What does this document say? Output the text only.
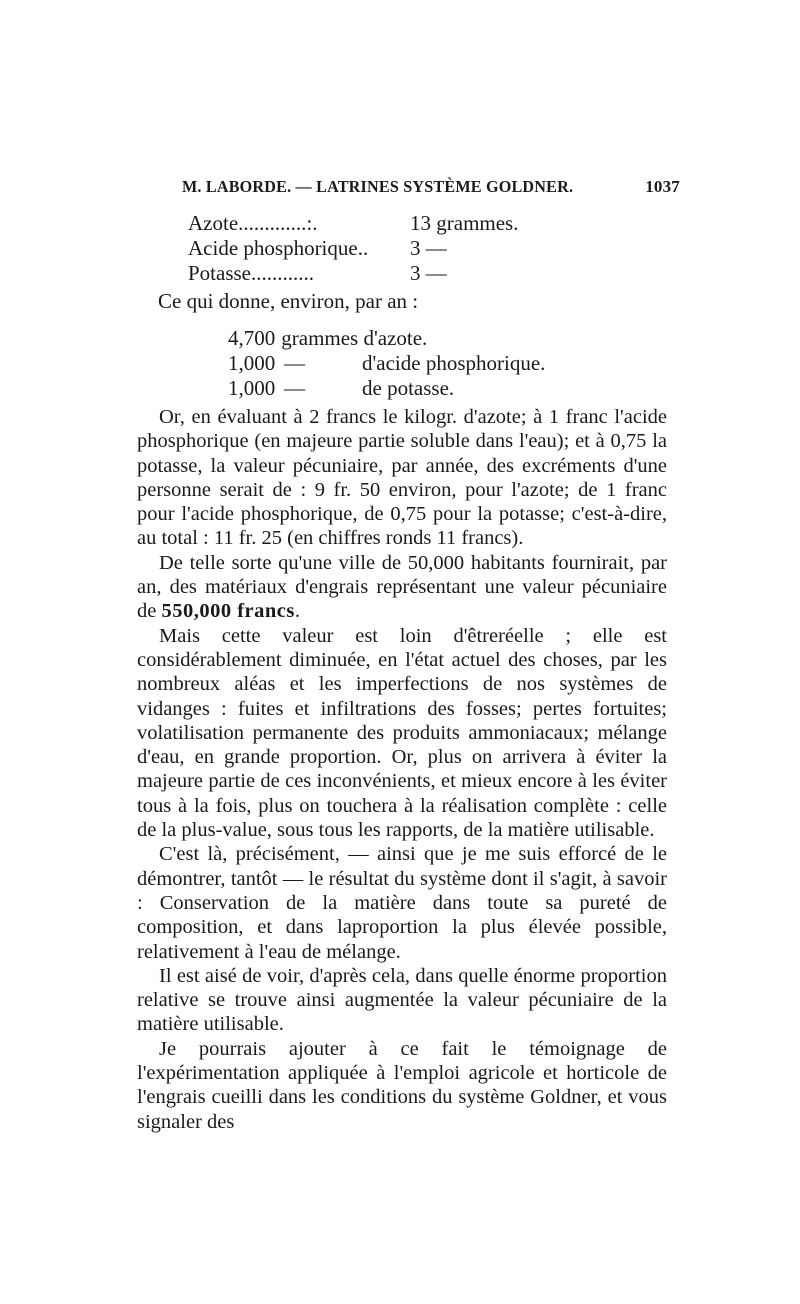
M. LABORDE. — LATRINES SYSTÈME GOLDNER.	1037
Azote.............:.	13 grammes.
Acide phosphorique.. 3 —
Potasse............	3 —
Ce qui donne, environ, par an :
4,700 grammes d'azote.
1,000 —	d'acide phosphorique.
1,000 —	de potasse.

Or, en évaluant à 2 francs le kilogr. d'azote; à 1 franc l'acide phosphorique (en majeure partie soluble dans l'eau); et à 0,75 la potasse, la valeur pécuniaire, par année, des excréments d'une personne serait de : 9 fr. 50 environ, pour l'azote; de 1 franc pour l'acide phosphorique, de 0,75 pour la potasse; c'est-à-dire, au total : 11 fr. 25 (en chiffres ronds 11 francs).

De telle sorte qu'une ville de 50,000 habitants fournirait, par an, des matériaux d'engrais représentant une valeur pécuniaire de 550,000 francs.

Mais cette valeur est loin d'êtreréelle ; elle est considérablement diminuée, en l'état actuel des choses, par les nombreux aléas et les imperfections de nos systèmes de vidanges : fuites et infiltrations des fosses; pertes fortuites; volatilisation permanente des produits ammoniacaux; mélange d'eau, en grande proportion. Or, plus on arrivera à éviter la majeure partie de ces inconvénients, et mieux encore à les éviter tous à la fois, plus on touchera à la réalisation complète : celle de la plus-value, sous tous les rapports, de la matière utilisable.

C'est là, précisément, — ainsi que je me suis efforcé de le démontrer, tantôt — le résultat du système dont il s'agit, à savoir : Conservation de la matière dans toute sa pureté de composition, et dans laproportion la plus élevée possible, relativement à l'eau de mélange.

Il est aisé de voir, d'après cela, dans quelle énorme proportion relative se trouve ainsi augmentée la valeur pécuniaire de la matière utilisable.

Je pourrais ajouter à ce fait le témoignage de l'expérimentation appliquée à l'emploi agricole et horticole de l'engrais cueilli dans les conditions du système Goldner, et vous signaler des
